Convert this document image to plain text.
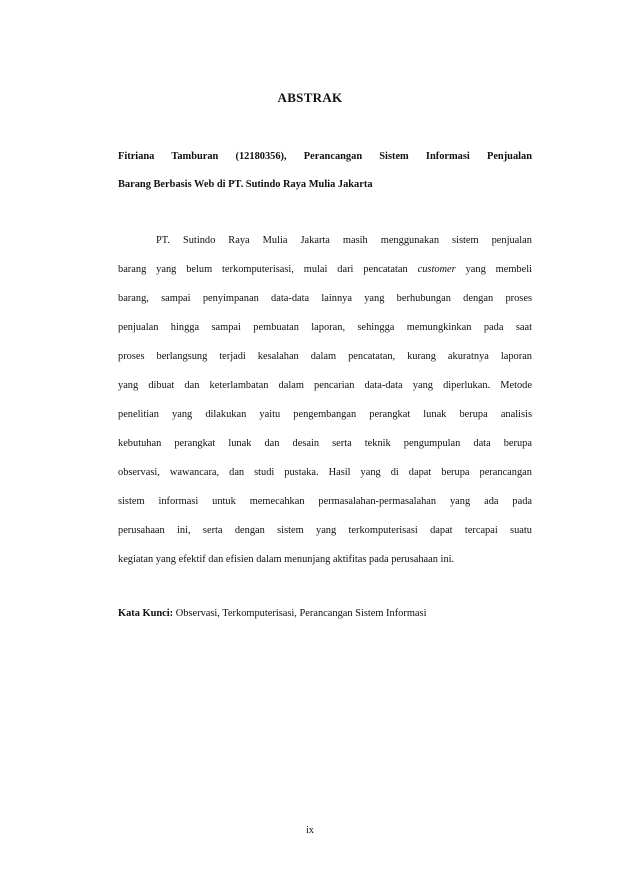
ABSTRAK
Fitriana Tamburan (12180356), Perancangan Sistem Informasi Penjualan
Barang Berbasis Web di PT. Sutindo Raya Mulia Jakarta
PT. Sutindo Raya Mulia Jakarta masih menggunakan sistem penjualan
barang yang belum terkomputerisasi, mulai dari pencatatan customer yang membeli
barang, sampai penyimpanan data-data lainnya yang berhubungan dengan proses
penjualan hingga sampai pembuatan laporan, sehingga memungkinkan pada saat
proses berlangsung terjadi kesalahan dalam pencatatan, kurang akuratnya laporan
yang dibuat dan keterlambatan dalam pencarian data-data yang diperlukan. Metode
penelitian yang dilakukan yaitu pengembangan perangkat lunak berupa analisis
kebutuhan perangkat lunak dan desain serta teknik pengumpulan data berupa
observasi, wawancara, dan studi pustaka. Hasil yang di dapat berupa perancangan
sistem informasi untuk memecahkan permasalahan-permasalahan yang ada pada
perusahaan ini, serta dengan sistem yang terkomputerisasi dapat tercapai suatu
kegiatan yang efektif dan efisien dalam menunjang aktifitas pada perusahaan ini.
Kata Kunci: Observasi, Terkomputerisasi, Perancangan Sistem Informasi
ix
